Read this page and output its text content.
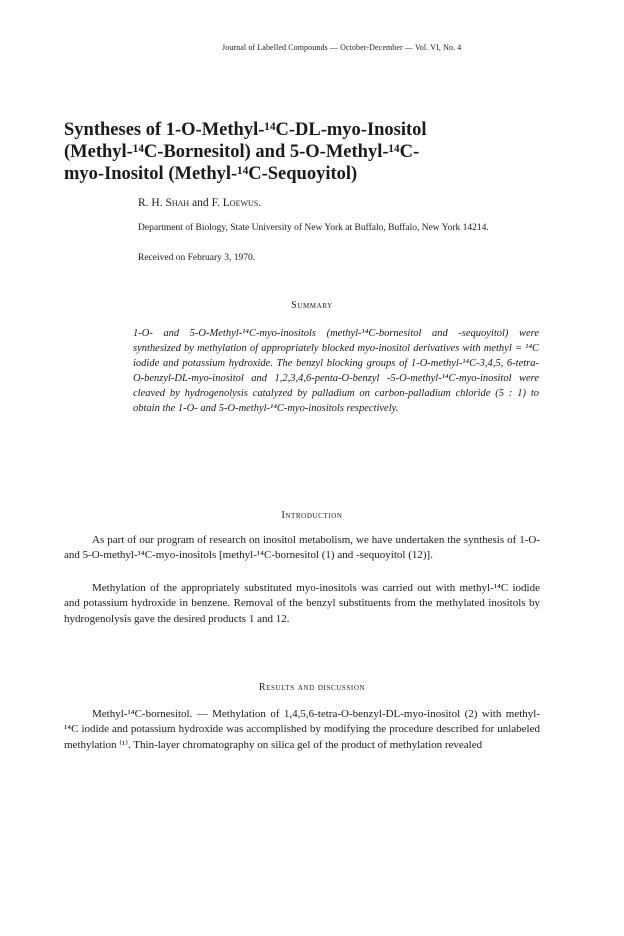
Journal of Labelled Compounds — October-December — Vol. VI, No. 4
Syntheses of 1-O-Methyl-¹⁴C-DL-myo-Inositol
(Methyl-¹⁴C-Bornesitol) and 5-O-Methyl-¹⁴C-
myo-Inositol (Methyl-¹⁴C-Sequoyitol)
R. H. Shah and F. Loewus.
Department of Biology, State University of New York at Buffalo, Buffalo, New York 14214.
Received on February 3, 1970.
Summary

1-O- and 5-O-Methyl-¹⁴C-myo-inositols (methyl-¹⁴C-bornesitol and -sequoyitol) were synthesized by methylation of appropriately blocked myo-inositol derivatives with methyl = ¹⁴C iodide and potassium hydroxide. The benzyl blocking groups of 1-O-methyl-¹⁴C-3,4,5, 6-tetra-O-benzyl-DL-myo-inositol and 1,2,3,4,6-penta-O-benzyl -5-O-methyl-¹⁴C-myo-inositol were cleaved by hydrogenolysis catalyzed by palladium on carbon-palladium chloride (5 : 1) to obtain the 1-O- and 5-O-methyl-¹⁴C-myo-inositols respectively.

Introduction

As part of our program of research on inositol metabolism, we have undertaken the synthesis of 1-O- and 5-O-methyl-¹⁴C-myo-inositols [methyl-¹⁴C-bornesitol (1) and -sequoyitol (12)].

Methylation of the appropriately substituted myo-inositols was carried out with methyl-¹⁴C iodide and potassium hydroxide in benzene. Removal of the benzyl substituents from the methylated inositols by hydrogenolysis gave the desired products 1 and 12.

Results and discussion

Methyl-¹⁴C-bornesitol. — Methylation of 1,4,5,6-tetra-O-benzyl-DL-myo-inositol (2) with methyl-¹⁴C iodide and potassium hydroxide was accomplished by modifying the procedure described for unlabeled methylation ⁽¹⁾. Thin-layer chromatography on silica gel of the product of methylation revealed
